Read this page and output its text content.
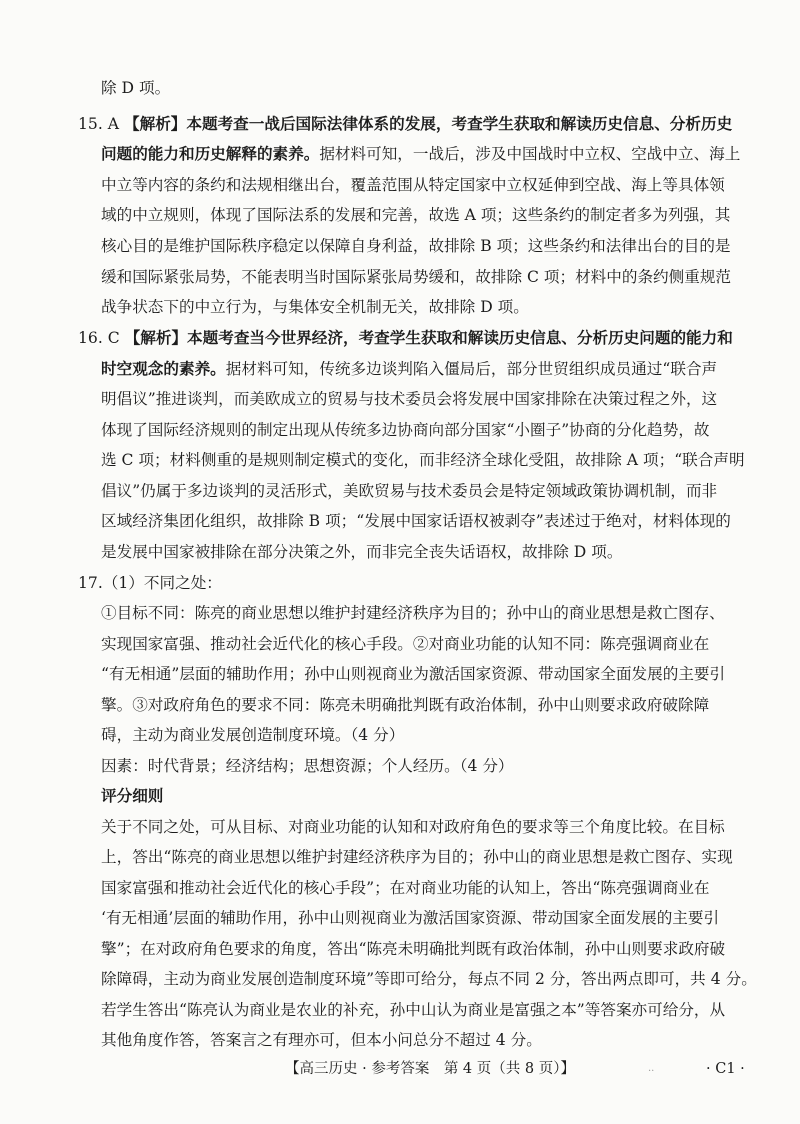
除 D 项。
15. A 【解析】本题考查一战后国际法律体系的发展，考查学生获取和解读历史信息、分析历史
问题的能力和历史解释的素养。据材料可知，一战后，涉及中国战时中立权、空战中立、海上
中立等内容的条约和法规相继出台，覆盖范围从特定国家中立权延伸到空战、海上等具体领
域的中立规则，体现了国际法系的发展和完善，故选 A 项；这些条约的制定者多为列强，其
核心目的是维护国际秩序稳定以保障自身利益，故排除 B 项；这些条约和法律出台的目的是
缓和国际紧张局势，不能表明当时国际紧张局势缓和，故排除 C 项；材料中的条约侧重规范
战争状态下的中立行为，与集体安全机制无关，故排除 D 项。
16. C 【解析】本题考查当今世界经济，考查学生获取和解读历史信息、分析历史问题的能力和
时空观念的素养。据材料可知，传统多边谈判陷入僵局后，部分世贸组织成员通过“联合声
明倡议”推进谈判，而美欧成立的贸易与技术委员会将发展中国家排除在决策过程之外，这
体现了国际经济规则的制定出现从传统多边协商向部分国家“小圈子”协商的分化趋势，故
选 C 项；材料侧重的是规则制定模式的变化，而非经济全球化受阻，故排除 A 项；“联合声明
倡议”仍属于多边谈判的灵活形式，美欧贸易与技术委员会是特定领域政策协调机制，而非
区域经济集团化组织，故排除 B 项；“发展中国家话语权被剥夺”表述过于绝对，材料体现的
是发展中国家被排除在部分决策之外，而非完全丧失话语权，故排除 D 项。
17.（1）不同之处：
①目标不同：陈亮的商业思想以维护封建经济秩序为目的；孙中山的商业思想是救亡图存、
实现国家富强、推动社会近代化的核心手段。②对商业功能的认知不同：陈亮强调商业在
“有无相通”层面的辅助作用；孙中山则视商业为激活国家资源、带动国家全面发展的主要引
擎。③对政府角色的要求不同：陈亮未明确批判既有政治体制，孙中山则要求政府破除障
碍，主动为商业发展创造制度环境。（4 分）
因素：时代背景；经济结构；思想资源；个人经历。（4 分）
评分细则
关于不同之处，可从目标、对商业功能的认知和对政府角色的要求等三个角度比较。在目标
上，答出“陈亮的商业思想以维护封建经济秩序为目的；孙中山的商业思想是救亡图存、实现
国家富强和推动社会近代化的核心手段”；在对商业功能的认知上，答出“陈亮强调商业在
‘有无相通’层面的辅助作用，孙中山则视商业为激活国家资源、带动国家全面发展的主要引
擎”；在对政府角色要求的角度，答出“陈亮未明确批判既有政治体制，孙中山则要求政府破
除障碍，主动为商业发展创造制度环境”等即可给分，每点不同 2 分，答出两点即可，共 4 分。
若学生答出“陈亮认为商业是农业的补充，孙中山认为商业是富强之本”等答案亦可给分，从
其他角度作答，答案言之有理亦可，但本小问总分不超过 4 分。
【高三历史 · 参考答案　第 4 页（共 8 页）】	..	· C1 ·
